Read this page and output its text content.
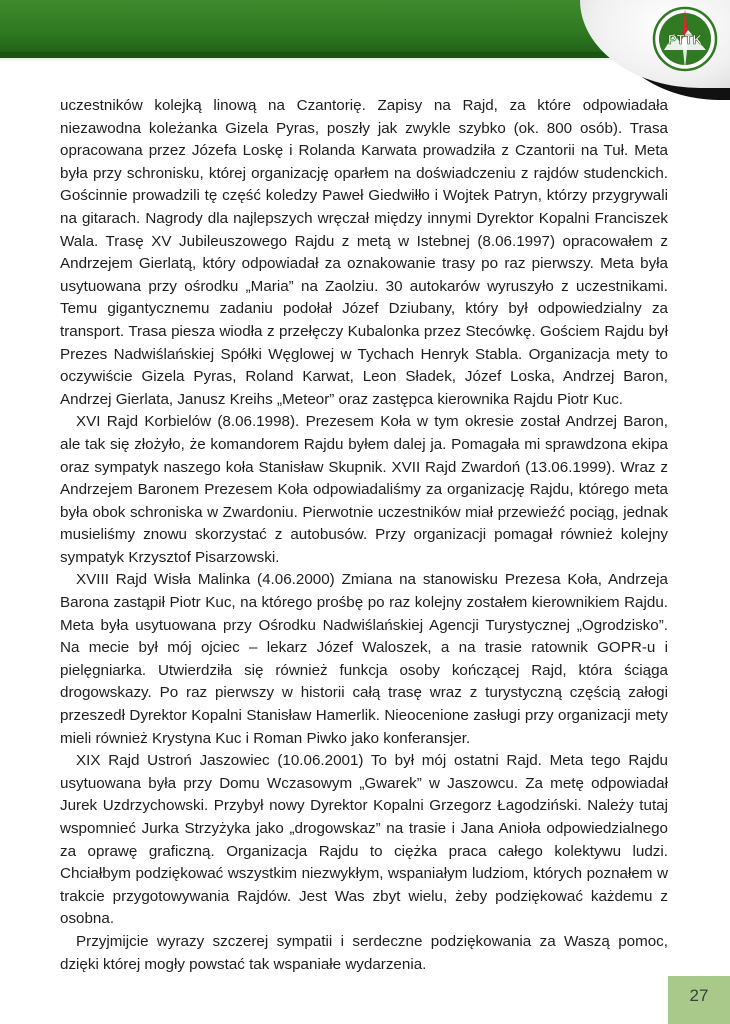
PTTK

uczestników kolejką linową na Czantorię. Zapisy na Rajd, za które odpowiadała niezawodna koleżanka Gizela Pyras, poszły jak zwykle szybko (ok. 800 osób). Trasa opracowana przez Józefa Loskę i Rolanda Karwata prowadziła z Czantorii na Tuł. Meta była przy schronisku, której organizację oparłem na doświadczeniu z rajdów studenckich. Gościnnie prowadzili tę część koledzy Paweł Giedwiłło i Wojtek Patryn, którzy przygrywali na gitarach. Nagrody dla najlepszych wręczał między innymi Dyrektor Kopalni Franciszek Wala. Trasę XV Jubileuszowego Rajdu z metą w Istebnej (8.06.1997) opracowałem z Andrzejem Gierlatą, który odpowiadał za oznakowanie trasy po raz pierwszy. Meta była usytuowana przy ośrodku „Maria” na Zaolziu. 30 autokarów wyruszyło z uczestnikami. Temu gigantycznemu zadaniu podołał Józef Dziubany, który był odpowiedzialny za transport. Trasa piesza wiodła z przełęczy Kubalonka przez Stecówkę. Gościem Rajdu był Prezes Nadwiślańskiej Spółki Węglowej w Tychach Henryk Stabla. Organizacja mety to oczywiście Gizela Pyras, Roland Karwat, Leon Sładek, Józef Loska, Andrzej Baron, Andrzej Gierlata, Janusz Kreihs „Meteor” oraz zastępca kierownika Rajdu Piotr Kuc.

XVI Rajd Korbielów (8.06.1998). Prezesem Koła w tym okresie został Andrzej Baron, ale tak się złożyło, że komandorem Rajdu byłem dalej ja. Pomagała mi sprawdzona ekipa oraz sympatyk naszego koła Stanisław Skupnik. XVII Rajd Zwardoń (13.06.1999). Wraz z Andrzejem Baronem Prezesem Koła odpowiadaliśmy za organizację Rajdu, którego meta była obok schroniska w Zwardoniu. Pierwotnie uczestników miał przewieźć pociąg, jednak musieliśmy znowu skorzystać z autobusów. Przy organizacji pomagał również kolejny sympatyk Krzysztof Pisarzowski.

XVIII Rajd Wisła Malinka (4.06.2000) Zmiana na stanowisku Prezesa Koła, Andrzeja Barona zastąpił Piotr Kuc, na którego prośbę po raz kolejny zostałem kierownikiem Rajdu. Meta była usytuowana przy Ośrodku Nadwiślańskiej Agencji Turystycznej „Ogrodzisko”. Na mecie był mój ojciec – lekarz Józef Waloszek, a na trasie ratownik GOPR-u i pielęgniarka. Utwierdziła się również funkcja osoby kończącej Rajd, która ściąga drogowskazy. Po raz pierwszy w historii całą trasę wraz z turystyczną częścią załogi przeszedł Dyrektor Kopalni Stanisław Hamerlik. Nieocenione zasługi przy organizacji mety mieli również Krystyna Kuc i Roman Piwko jako konferansjer.

XIX Rajd Ustroń Jaszowiec (10.06.2001) To był mój ostatni Rajd. Meta tego Rajdu usytuowana była przy Domu Wczasowym „Gwarek” w Jaszowcu. Za metę odpowiadał Jurek Uzdrzychowski. Przybył nowy Dyrektor Kopalni Grzegorz Łagodziński. Należy tutaj wspomnieć Jurka Strzyżyka jako „drogowskaz” na trasie i Jana Anioła odpowiedzialnego za oprawę graficzną. Organizacja Rajdu to ciężka praca całego kolektywu ludzi. Chciałbym podziękować wszystkim niezwykłym, wspaniałym ludziom, których poznałem w trakcie przygotowywania Rajdów. Jest Was zbyt wielu, żeby podziękować każdemu z osobna.

Przyjmijcie wyrazy szczerej sympatii i serdeczne podziękowania za Waszą pomoc, dzięki której mogły powstać tak wspaniałe wydarzenia.

27
